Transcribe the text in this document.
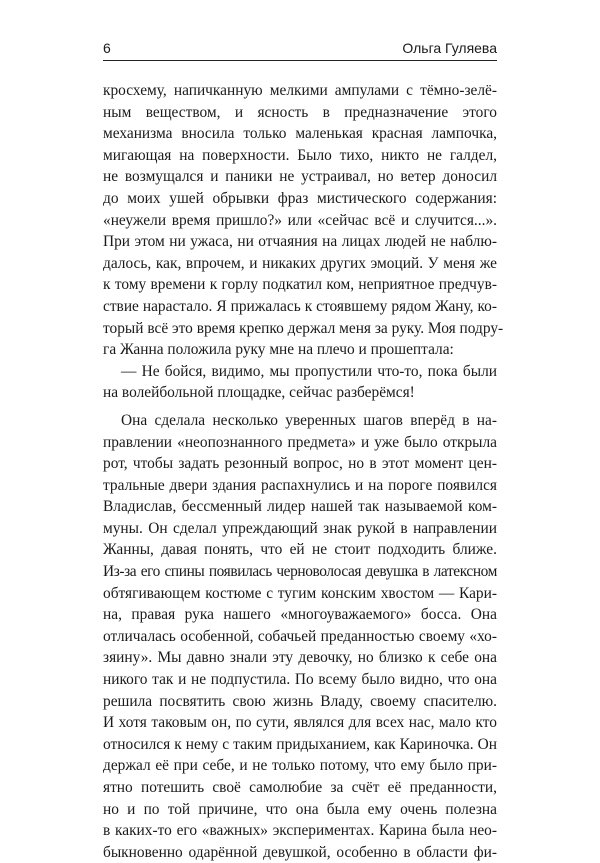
6	Ольга Гуляева
кросхему, напичканную мелкими ампулами с тёмно-зелё-
ным веществом, и ясность в предназначение этого
механизма вносила только маленькая красная лампочка,
мигающая на поверхности. Было тихо, никто не галдел,
не возмущался и паники не устраивал, но ветер доносил
до моих ушей обрывки фраз мистического содержания:
«неужели время пришло?» или «сейчас всё и случится...».
При этом ни ужаса, ни отчаяния на лицах людей не наблю-
далось, как, впрочем, и никаких других эмоций. У меня же
к тому времени к горлу подкатил ком, неприятное предчув-
ствие нарастало. Я прижалась к стоявшему рядом Жану, ко-
торый всё это время крепко держал меня за руку. Моя подру-
га Жанна положила руку мне на плечо и прошептала:
— Не бойся, видимо, мы пропустили что-то, пока были
на волейбольной площадке, сейчас разберёмся!
Она сделала несколько уверенных шагов вперёд в на-
правлении «неопознанного предмета» и уже было открыла
рот, чтобы задать резонный вопрос, но в этот момент цен-
тральные двери здания распахнулись и на пороге появился
Владислав, бессменный лидер нашей так называемой ком-
муны. Он сделал упреждающий знак рукой в направлении
Жанны, давая понять, что ей не стоит подходить ближе.
Из-за его спины появилась черноволосая девушка в латексном
обтягивающем костюме с тугим конским хвостом — Кари-
на, правая рука нашего «многоуважаемого» босса. Она
отличалась особенной, собачьей преданностью своему «хо-
зяину». Мы давно знали эту девочку, но близко к себе она
никого так и не подпустила. По всему было видно, что она
решила посвятить свою жизнь Владу, своему спасителю.
И хотя таковым он, по сути, являлся для всех нас, мало кто
относился к нему с таким придыханием, как Кариночка. Он
держал её при себе, и не только потому, что ему было при-
ятно потешить своё самолюбие за счёт её преданности,
но и по той причине, что она была ему очень полезна
в каких-то его «важных» экспериментах. Карина была нео-
быкновенно одарённой девушкой, особенно в области фи-
